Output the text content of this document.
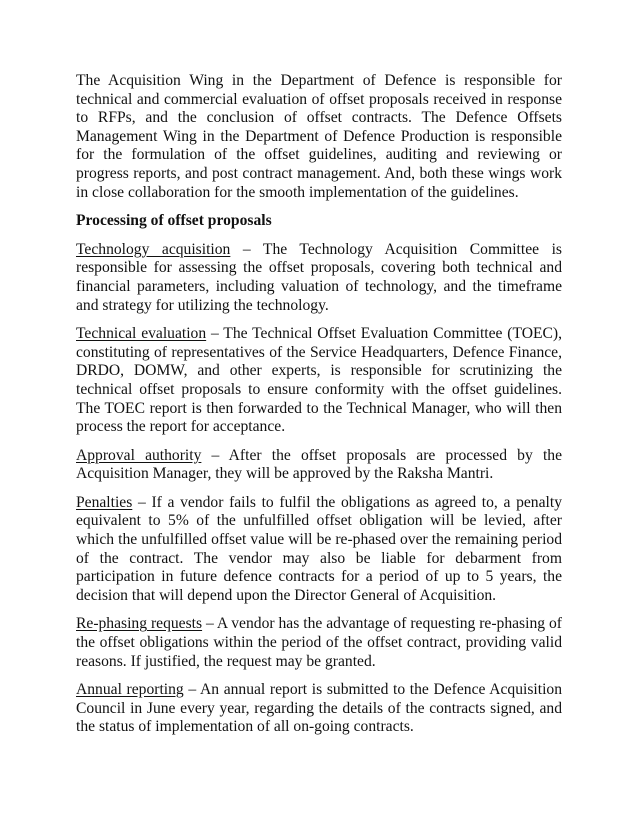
The Acquisition Wing in the Department of Defence is responsible for technical and commercial evaluation of offset proposals received in response to RFPs, and the conclusion of offset contracts. The Defence Offsets Management Wing in the Department of Defence Production is responsible for the formulation of the offset guidelines, auditing and reviewing or progress reports, and post contract management. And, both these wings work in close collaboration for the smooth implementation of the guidelines.

Processing of offset proposals

Technology acquisition – The Technology Acquisition Committee is responsible for assessing the offset proposals, covering both technical and financial parameters, including valuation of technology, and the timeframe and strategy for utilizing the technology.

Technical evaluation – The Technical Offset Evaluation Committee (TOEC), constituting of representatives of the Service Headquarters, Defence Finance, DRDO, DOMW, and other experts, is responsible for scrutinizing the technical offset proposals to ensure conformity with the offset guidelines. The TOEC report is then forwarded to the Technical Manager, who will then process the report for acceptance.

Approval authority – After the offset proposals are processed by the Acquisition Manager, they will be approved by the Raksha Mantri.

Penalties – If a vendor fails to fulfil the obligations as agreed to, a penalty equivalent to 5% of the unfulfilled offset obligation will be levied, after which the unfulfilled offset value will be re-phased over the remaining period of the contract. The vendor may also be liable for debarment from participation in future defence contracts for a period of up to 5 years, the decision that will depend upon the Director General of Acquisition.

Re-phasing requests – A vendor has the advantage of requesting re-phasing of the offset obligations within the period of the offset contract, providing valid reasons. If justified, the request may be granted.

Annual reporting – An annual report is submitted to the Defence Acquisition Council in June every year, regarding the details of the contracts signed, and the status of implementation of all on-going contracts.
